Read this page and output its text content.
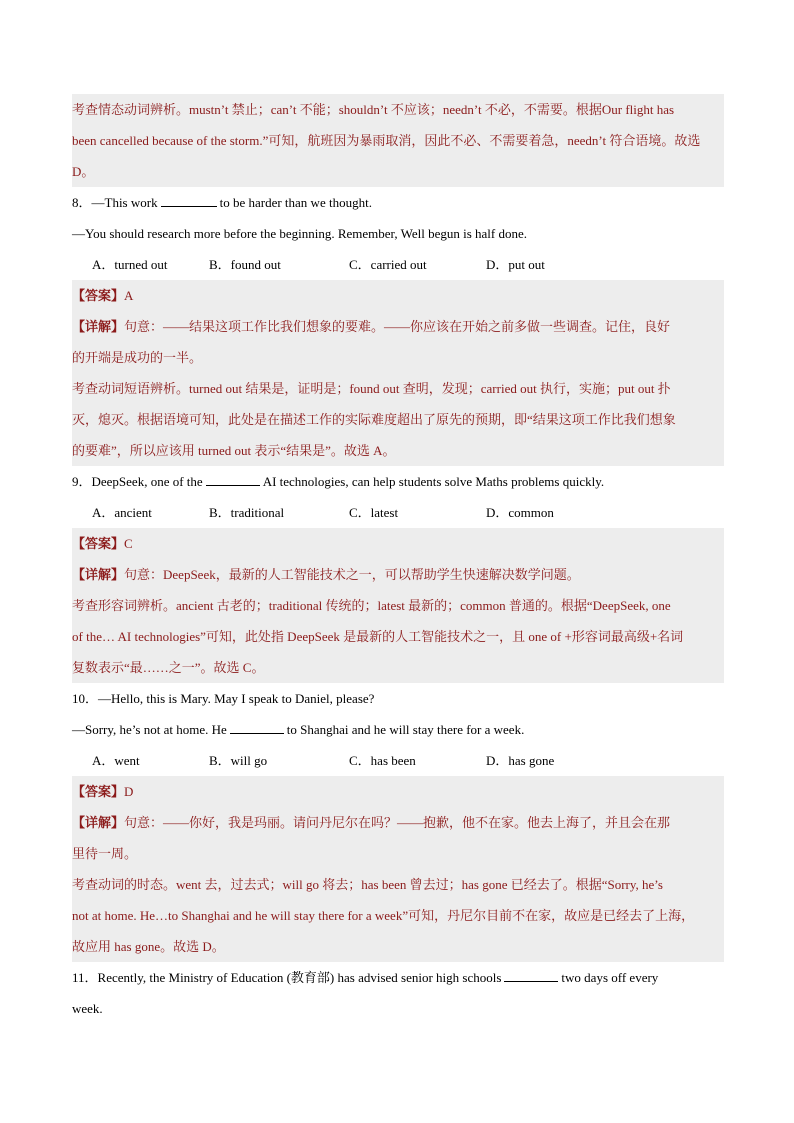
考查情态动词辨析。mustn’t 禁止；can’t 不能；shouldn’t 不应该；needn’t 不必，不需要。根据Our flight has
been cancelled because of the storm.”可知，航班因为暴雨取消，因此不必、不需要着急，needn’t 符合语境。故选
D。
8．—This work	to be harder than we thought.
—You should research more before the beginning. Remember, Well begun is half done.
A．turned out	B．found out	C．carried out	D．put out
【答案】A
【详解】句意：——结果这项工作比我们想象的要难。——你应该在开始之前多做一些调查。记住，良好
的开端是成功的一半。
考查动词短语辨析。turned out 结果是，证明是；found out 查明，发现；carried out 执行，实施；put out 扑
灭，熄灭。根据语境可知，此处是在描述工作的实际难度超出了原先的预期，即“结果这项工作比我们想象
的要难”，所以应该用 turned out 表示“结果是”。故选 A。
9．DeepSeek, one of the	AI technologies, can help students solve Maths problems quickly.
A．ancient	B．traditional	C．latest	D．common
【答案】C
【详解】句意：DeepSeek，最新的人工智能技术之一，可以帮助学生快速解决数学问题。
考查形容词辨析。ancient 古老的；traditional 传统的；latest 最新的；common 普通的。根据“DeepSeek, one
of the… AI technologies”可知，此处指 DeepSeek 是最新的人工智能技术之一，且 one of +形容词最高级+名词
复数表示“最……之一”。故选 C。
10．—Hello, this is Mary. May I speak to Daniel, please?
—Sorry, he’s not at home. He	to Shanghai and he will stay there for a week.
A．went	B．will go	C．has been	D．has gone
【答案】D
【详解】句意：——你好，我是玛丽。请问丹尼尔在吗？——抱歉，他不在家。他去上海了，并且会在那
里待一周。
考查动词的时态。went 去，过去式；will go 将去；has been 曾去过；has gone 已经去了。根据“Sorry, he’s
not at home. He…to Shanghai and he will stay there for a week”可知，丹尼尔目前不在家，故应是已经去了上海，
故应用 has gone。故选 D。
11．Recently, the Ministry of Education (教育部) has advised senior high schools	two days off every
week.
